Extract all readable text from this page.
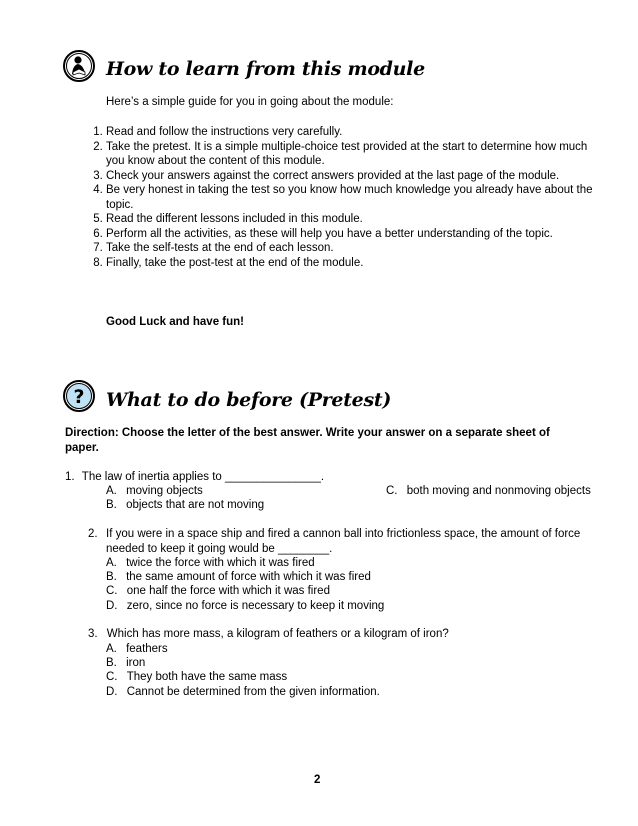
How to learn from this module
Here’s a simple guide for you in going about the module:
1. Read and follow the instructions very carefully.
2. Take the pretest. It is a simple multiple-choice test provided at the start to determine how much you know about the content of this module.
3. Check your answers against the correct answers provided at the last page of the module.
4. Be very honest in taking the test so you know how much knowledge you already have about the topic.
5. Read the different lessons included in this module.
6. Perform all the activities, as these will help you have a better understanding of the topic.
7. Take the self-tests at the end of each lesson.
8. Finally, take the post-test at the end of the module.
Good Luck and have fun!
? What to do before (Pretest)
Direction: Choose the letter of the best answer. Write your answer on a separate sheet of paper.
1. The law of inertia applies to _______________.
A. moving objects
B. objects that are not moving
C. both moving and nonmoving objects
2. If you were in a space ship and fired a cannon ball into frictionless space, the amount of force needed to keep it going would be ________.
A. twice the force with which it was fired
B. the same amount of force with which it was fired
C. one half the force with which it was fired
D. zero, since no force is necessary to keep it moving
3. Which has more mass, a kilogram of feathers or a kilogram of iron?
A. feathers
B. iron
C. They both have the same mass
D. Cannot be determined from the given information.
2
